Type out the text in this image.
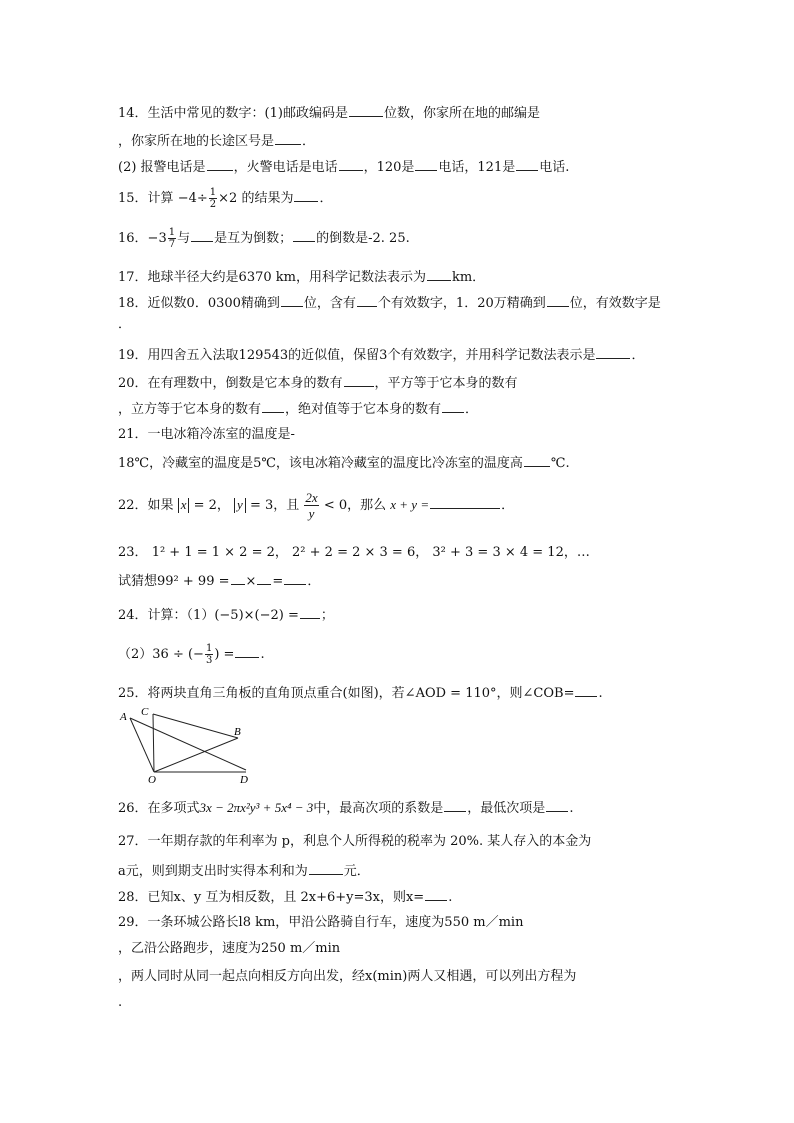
14．生活中常见的数字：(1)邮政编码是	位数，你家所在地的邮编是
，你家所在地的长途区号是 ．
(2) 报警电话是 ，火警电话是电话 ，120是 电话，121是 电话.
15．计算 $-4\div \frac{1}{2} \times 2$ 的结果为 ．
16．$-3 \frac{1}{7}$ 与 是互为倒数； 的倒数是-2. 25.
17．地球半径大约是6370 km，用科学记数法表示为 km．
18．近似数0．0300精确到 位，含有 个有效数字，1．20万精确到 位，有效数字是
．
19．用四舍五入法取129543的近似值，保留3个有效数字，并用科学记数法表示是	．
20．在有理数中，倒数是它本身的数有 ，平方等于它本身的数有
，立方等于它本身的数有 ，绝对值等于它本身的数有 ．
21．一电冰箱冷冻室的温度是-
18℃，冷藏室的温度是5℃，该电冰箱冷藏室的温度比冷冻室的温度高 ℃.
22．如果 x = 2， y = 3，且 $\frac{2x}{y} < 0$，那么 x + y =	．
23． 1² + 1 = 1 × 2 = 2， 2² + 2 = 2 × 3 = 6， 3² + 3 = 3 × 4 = 12，…
试猜想99² + 99 = × = ．
24．计算：（1）(−5)×(−2) = ；
（2）36 ÷ (− $\frac{1}{3}$ ) = .
25．将两块直角三角板的直角顶点重合(如图)，若∠AOD = 110°，则∠COB= .
A C
B
O	D
26．在多项式3x − 2πx²y³ + 5x⁴ − 3中，最高次项的系数是 ，最低次项是 .
27．一年期存款的年利率为 p，利息个人所得税的税率为 20%. 某人存入的本金为
a元，则到期支出时实得本利和为	元．
28．已知x、y 互为相反数，且 2x+6+y=3x，则x= .
29．一条环城公路长l8 km，甲沿公路骑自行车，速度为550 m／min
，乙沿公路跑步，速度为250 m／min
，两人同时从同一起点向相反方向出发，经x(min)两人又相遇，可以列出方程为
.
